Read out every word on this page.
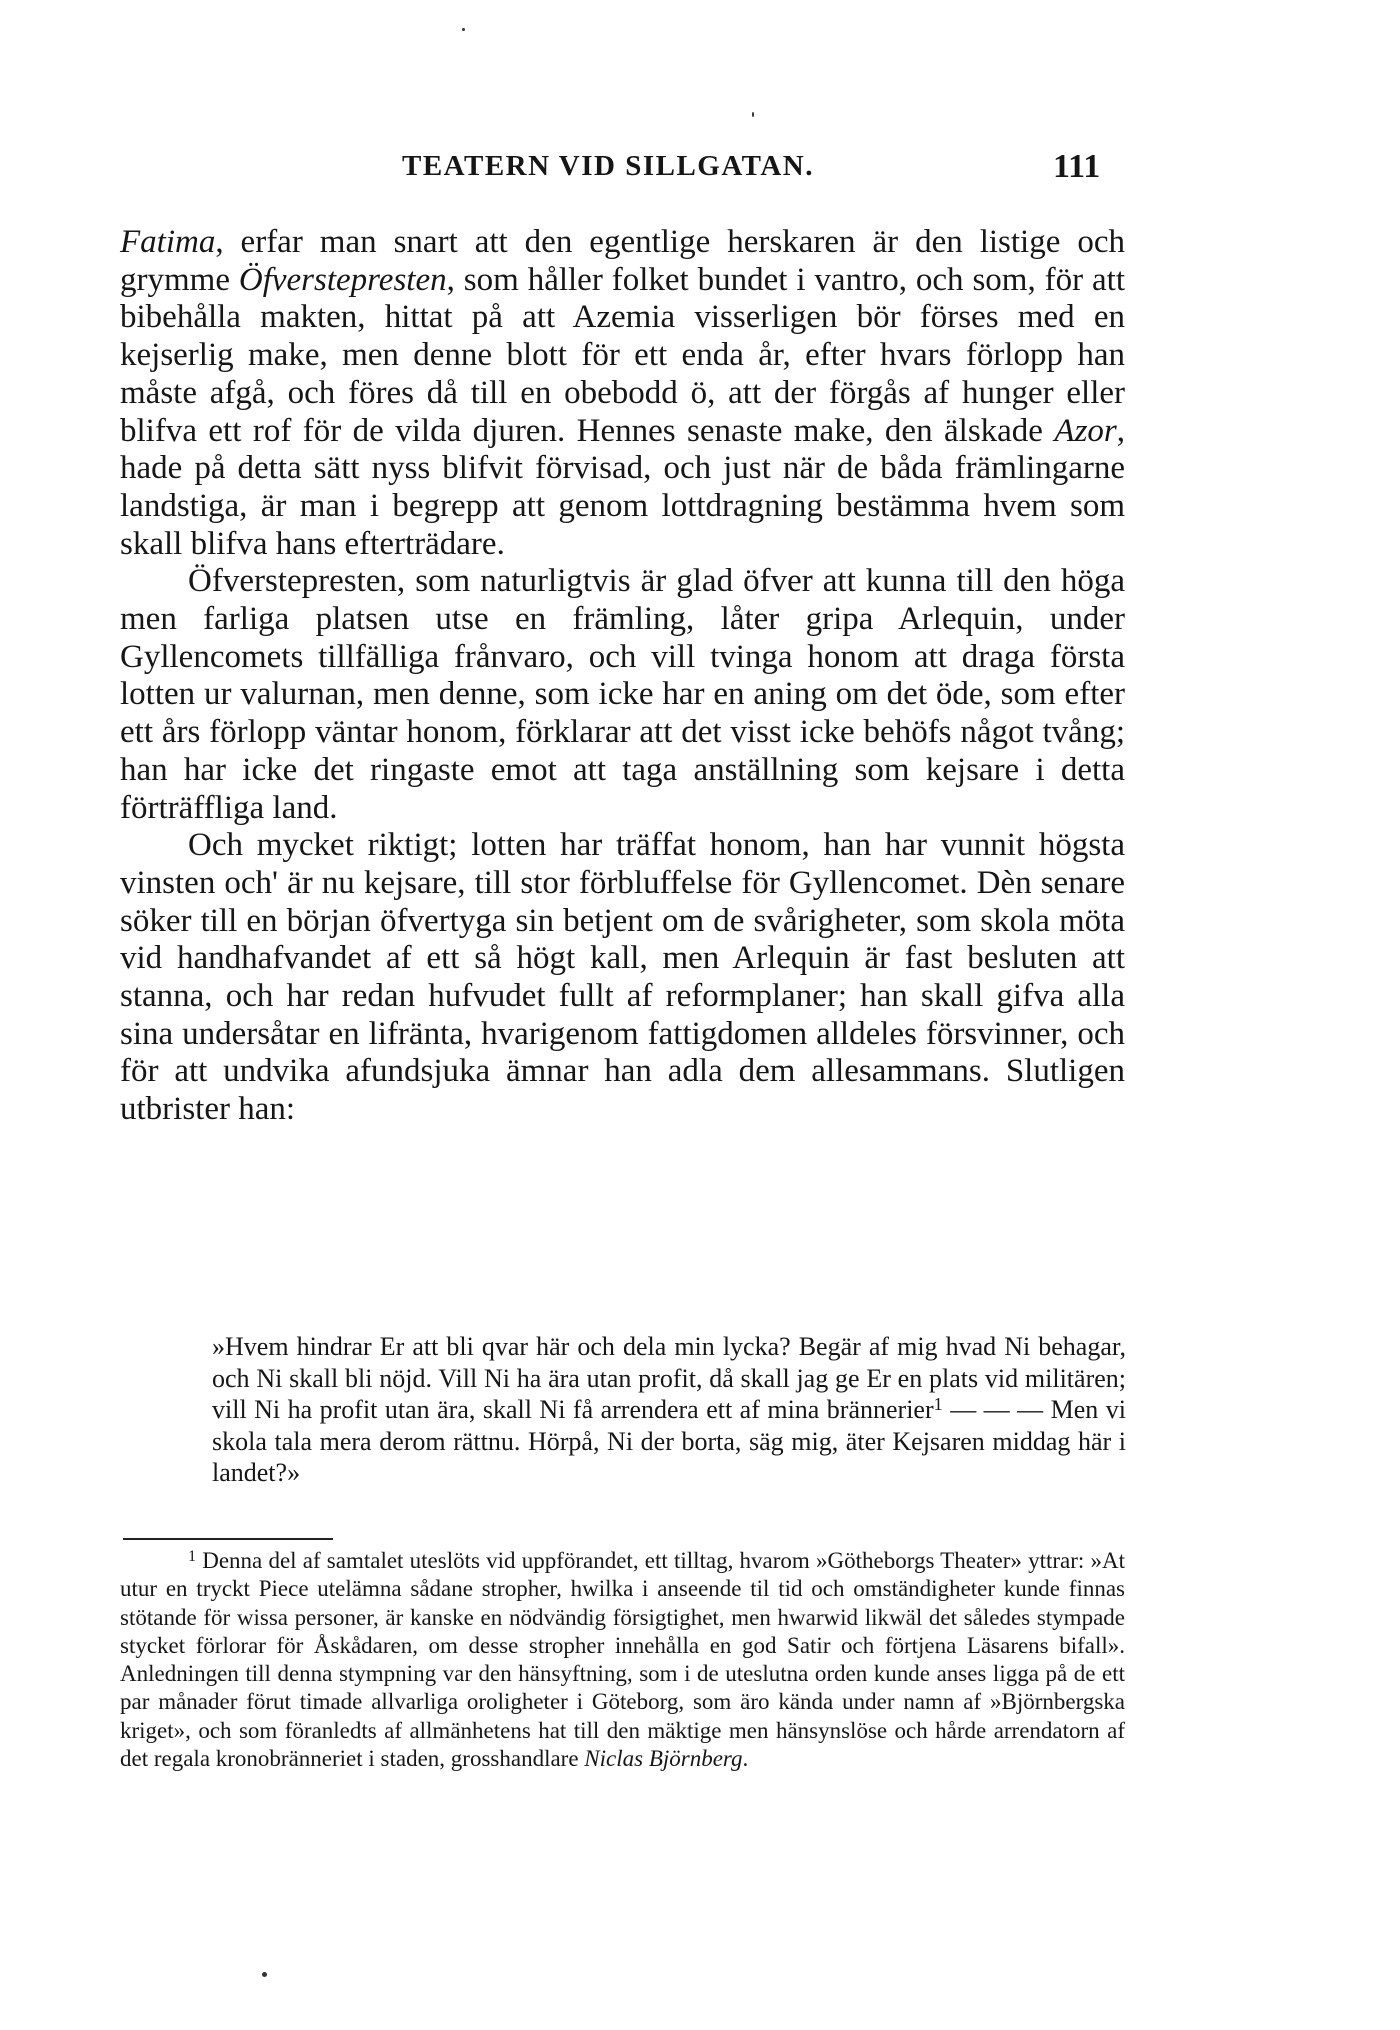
TEATERN VID SILLGATAN.	111

Fatima, erfar man snart att den egentlige herskaren är den listige och grymme Öfverstepresten, som håller folket bundet i vantro, och som, för att bibehålla makten, hittat på att Azemia visserligen bör förses med en kejserlig make, men denne blott för ett enda år, efter hvars förlopp han måste afgå, och föres då till en obebodd ö, att der förgås af hunger eller blifva ett rof för de vilda djuren. Hennes senaste make, den älskade Azor, hade på detta sätt nyss blifvit förvisad, och just när de båda främlingarne landstiga, är man i begrepp att genom lottdragning bestämma hvem som skall blifva hans efterträdare.

Öfverstepresten, som naturligtvis är glad öfver att kunna till den höga men farliga platsen utse en främling, låter gripa Arlequin, under Gyllencomets tillfälliga frånvaro, och vill tvinga honom att draga första lotten ur valurnan, men denne, som icke har en aning om det öde, som efter ett års förlopp väntar honom, förklarar att det visst icke behöfs något tvång; han har icke det ringaste emot att taga anställning som kejsare i detta förträffliga land.

Och mycket riktigt; lotten har träffat honom, han har vunnit högsta vinsten och' är nu kejsare, till stor förbluffelse för Gyllencomet. Dèn senare söker till en början öfvertyga sin betjent om de svårigheter, som skola möta vid handhafvandet af ett så högt kall, men Arlequin är fast besluten att stanna, och har redan hufvudet fullt af reformplaner; han skall gifva alla sina undersåtar en lifränta, hvarigenom fattigdomen alldeles försvinner, och för att undvika afundsjuka ämnar han adla dem allesammans. Slutligen utbrister han:

»Hvem hindrar Er att bli qvar här och dela min lycka? Begär af mig hvad Ni behagar, och Ni skall bli nöjd. Vill Ni ha ära utan profit, då skall jag ge Er en plats vid militären; vill Ni ha profit utan ära, skall Ni få arrendera ett af mina brännerier$^1$ — — — Men vi skola tala mera derom rättnu. Hörpå, Ni der borta, säg mig, äter Kejsaren middag här i landet?»

$^1$ Denna del af samtalet uteslöts vid uppförandet, ett tilltag, hvarom »Götheborgs Theater» yttrar: »At utur en tryckt Piece utelämna sådane stropher, hwilka i anseende til tid och omständigheter kunde finnas stötande för wissa personer, är kanske en nödvändig försigtighet, men hwarwid likwäl det således stympade stycket förlorar för Åskådaren, om desse stropher innehålla en god Satir och förtjena Läsarens bifall». Anledningen till denna stympning var den hänsyftning, som i de uteslutna orden kunde anses ligga på de ett par månader förut timade allvarliga oroligheter i Göteborg, som äro kända under namn af »Björnbergska kriget», och som föranledts af allmänhetens hat till den mäktige men hänsynslöse och hårde arrendatorn af det regala kronobränneriet i staden, grosshandlare Niclas Björnberg.
